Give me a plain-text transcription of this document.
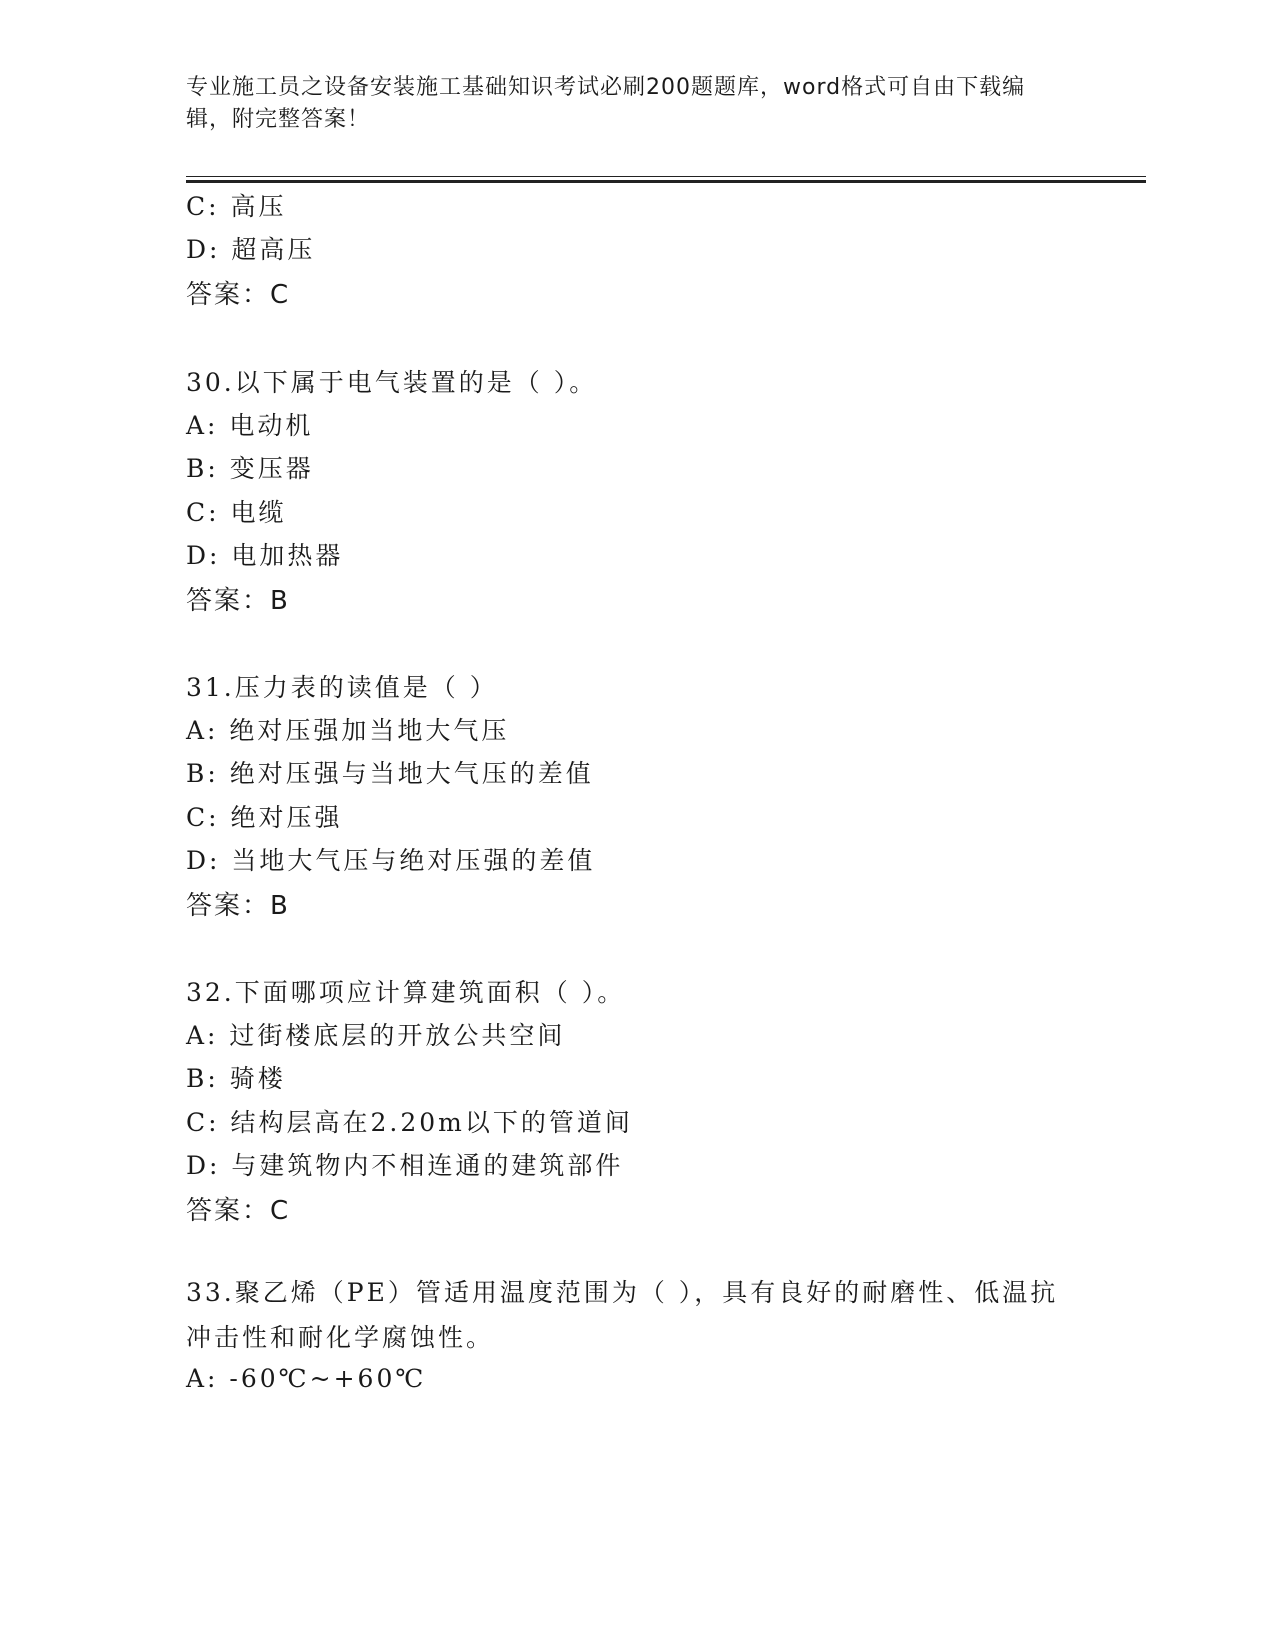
专业施工员之设备安装施工基础知识考试必刷200题题库，word格式可自由下载编辑，附完整答案！
C: 高压
D: 超高压
答案：C
30.以下属于电气装置的是（ ）。
A: 电动机
B: 变压器
C: 电缆
D: 电加热器
答案：B
31.压力表的读值是（ ）
A: 绝对压强加当地大气压
B: 绝对压强与当地大气压的差值
C: 绝对压强
D: 当地大气压与绝对压强的差值
答案：B
32.下面哪项应计算建筑面积（ ）。
A: 过街楼底层的开放公共空间
B: 骑楼
C: 结构层高在2.20m以下的管道间
D: 与建筑物内不相连通的建筑部件
答案：C
33.聚乙烯（PE）管适用温度范围为（ ），具有良好的耐磨性、低温抗冲击性和耐化学腐蚀性。
A: -60℃~+60℃
